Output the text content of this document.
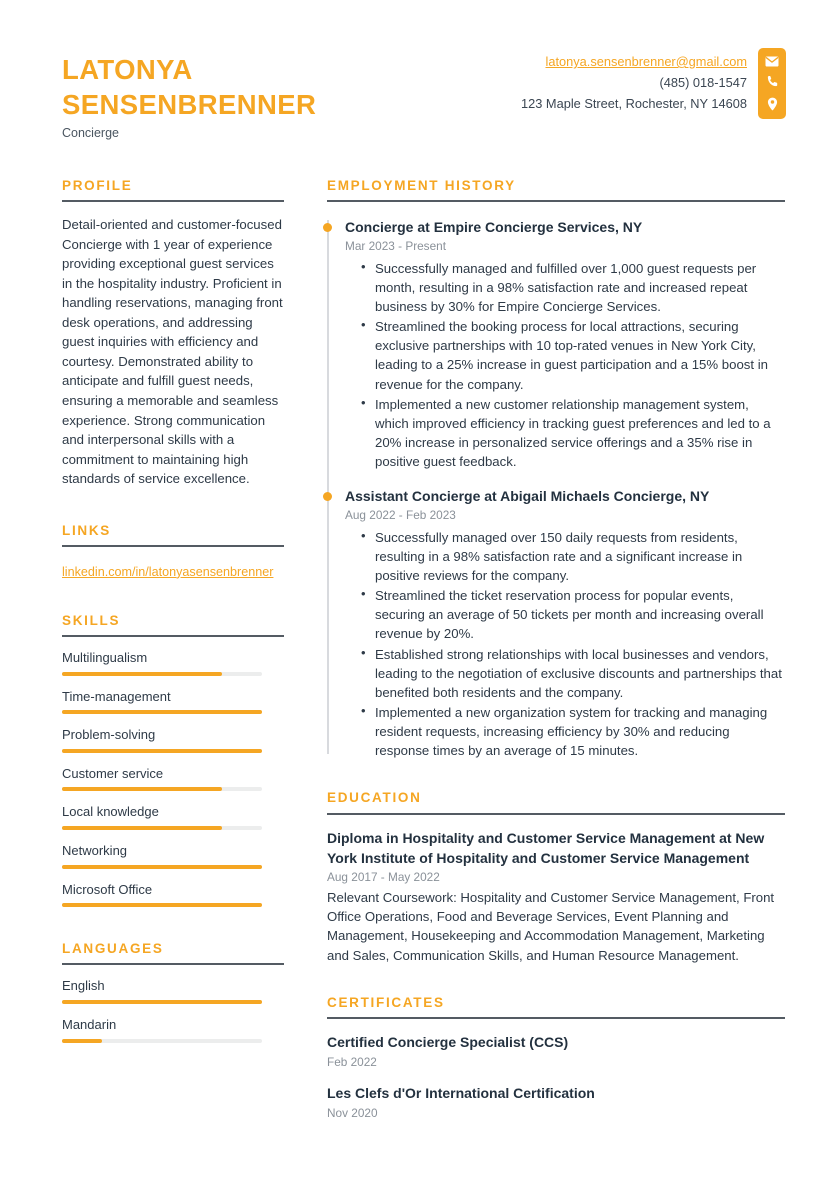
LATONYA
SENSENBRENNER
Concierge
latonya.sensenbrenner@gmail.com
(485) 018-1547
123 Maple Street, Rochester, NY 14608
PROFILE
Detail-oriented and customer-focused Concierge with 1 year of experience providing exceptional guest services in the hospitality industry. Proficient in handling reservations, managing front desk operations, and addressing guest inquiries with efficiency and courtesy. Demonstrated ability to anticipate and fulfill guest needs, ensuring a memorable and seamless experience. Strong communication and interpersonal skills with a commitment to maintaining high standards of service excellence.
LINKS
linkedin.com/in/latonyasensenbrenner
SKILLS
Multilingualism
Time-management
Problem-solving
Customer service
Local knowledge
Networking
Microsoft Office
LANGUAGES
English
Mandarin
EMPLOYMENT HISTORY
Concierge at Empire Concierge Services, NY
Mar 2023 - Present
• Successfully managed and fulfilled over 1,000 guest requests per month, resulting in a 98% satisfaction rate and increased repeat business by 30% for Empire Concierge Services.
• Streamlined the booking process for local attractions, securing exclusive partnerships with 10 top-rated venues in New York City, leading to a 25% increase in guest participation and a 15% boost in revenue for the company.
• Implemented a new customer relationship management system, which improved efficiency in tracking guest preferences and led to a 20% increase in personalized service offerings and a 35% rise in positive guest feedback.
Assistant Concierge at Abigail Michaels Concierge, NY
Aug 2022 - Feb 2023
• Successfully managed over 150 daily requests from residents, resulting in a 98% satisfaction rate and a significant increase in positive reviews for the company.
• Streamlined the ticket reservation process for popular events, securing an average of 50 tickets per month and increasing overall revenue by 20%.
• Established strong relationships with local businesses and vendors, leading to the negotiation of exclusive discounts and partnerships that benefited both residents and the company.
• Implemented a new organization system for tracking and managing resident requests, increasing efficiency by 30% and reducing response times by an average of 15 minutes.
EDUCATION
Diploma in Hospitality and Customer Service Management at New York Institute of Hospitality and Customer Service Management
Aug 2017 - May 2022
Relevant Coursework: Hospitality and Customer Service Management, Front Office Operations, Food and Beverage Services, Event Planning and Management, Housekeeping and Accommodation Management, Marketing and Sales, Communication Skills, and Human Resource Management.
CERTIFICATES
Certified Concierge Specialist (CCS)
Feb 2022
Les Clefs d'Or International Certification
Nov 2020
